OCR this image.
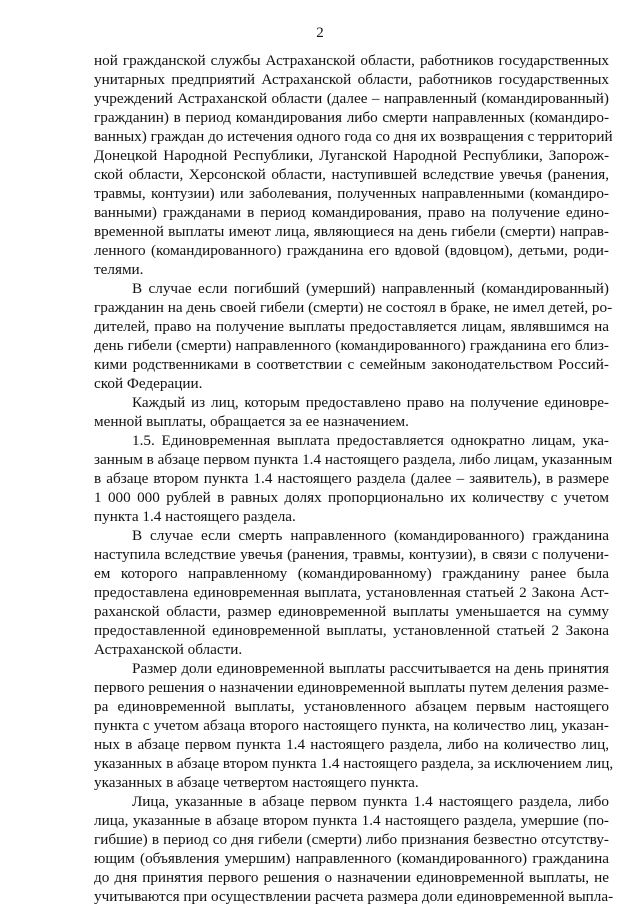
2
ной гражданской службы Астраханской области, работников государственных
унитарных предприятий Астраханской области, работников государственных
учреждений Астраханской области (далее – направленный (командированный)
гражданин) в период командирования либо смерти направленных (командиро-
ванных) граждан до истечения одного года со дня их возвращения с территорий
Донецкой Народной Республики, Луганской Народной Республики, Запорож-
ской области, Херсонской области, наступившей вследствие увечья (ранения,
травмы, контузии) или заболевания, полученных направленными (командиро-
ванными) гражданами в период командирования, право на получение едино-
временной выплаты имеют лица, являющиеся на день гибели (смерти) направ-
ленного (командированного) гражданина его вдовой (вдовцом), детьми, роди-
телями.
В случае если погибший (умерший) направленный (командированный)
гражданин на день своей гибели (смерти) не состоял в браке, не имел детей, ро-
дителей, право на получение выплаты предоставляется лицам, являвшимся на
день гибели (смерти) направленного (командированного) гражданина его близ-
кими родственниками в соответствии с семейным законодательством Россий-
ской Федерации.
Каждый из лиц, которым предоставлено право на получение единовре-
менной выплаты, обращается за ее назначением.
1.5. Единовременная выплата предоставляется однократно лицам, ука-
занным в абзаце первом пункта 1.4 настоящего раздела, либо лицам, указанным
в абзаце втором пункта 1.4 настоящего раздела (далее – заявитель), в размере
1 000 000 рублей в равных долях пропорционально их количеству с учетом
пункта 1.4 настоящего раздела.
В случае если смерть направленного (командированного) гражданина
наступила вследствие увечья (ранения, травмы, контузии), в связи с получени-
ем которого направленному (командированному) гражданину ранее была
предоставлена единовременная выплата, установленная статьей 2 Закона Аст-
раханской области, размер единовременной выплаты уменьшается на сумму
предоставленной единовременной выплаты, установленной статьей 2 Закона
Астраханской области.
Размер доли единовременной выплаты рассчитывается на день принятия
первого решения о назначении единовременной выплаты путем деления разме-
ра единовременной выплаты, установленного абзацем первым настоящего
пункта с учетом абзаца второго настоящего пункта, на количество лиц, указан-
ных в абзаце первом пункта 1.4 настоящего раздела, либо на количество лиц,
указанных в абзаце втором пункта 1.4 настоящего раздела, за исключением лиц,
указанных в абзаце четвертом настоящего пункта.
Лица, указанные в абзаце первом пункта 1.4 настоящего раздела, либо
лица, указанные в абзаце втором пункта 1.4 настоящего раздела, умершие (по-
гибшие) в период со дня гибели (смерти) либо признания безвестно отсутству-
ющим (объявления умершим) направленного (командированного) гражданина
до дня принятия первого решения о назначении единовременной выплаты, не
учитываются при осуществлении расчета размера доли единовременной выпла-
